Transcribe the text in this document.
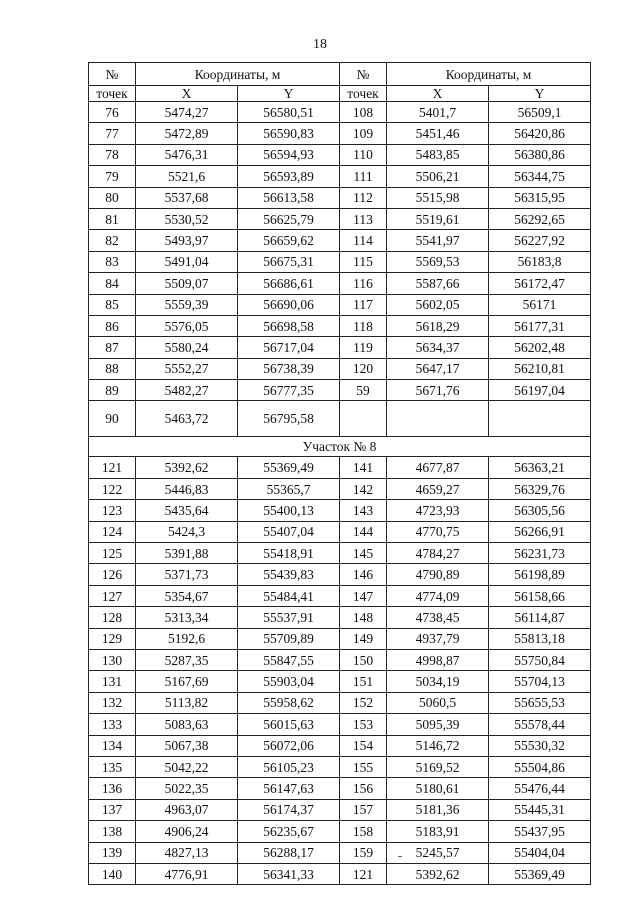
18
№	Координаты, м		№	Координаты, м	
точек	X	Y	точек	X	Y
76	5474,27	56580,51	108	5401,7	56509,1
77	5472,89	56590,83	109	5451,46	56420,86
78	5476,31	56594,93	110	5483,85	56380,86
79	5521,6	56593,89	111	5506,21	56344,75
80	5537,68	56613,58	112	5515,98	56315,95
81	5530,52	56625,79	113	5519,61	56292,65
82	5493,97	56659,62	114	5541,97	56227,92
83	5491,04	56675,31	115	5569,53	56183,8
84	5509,07	56686,61	116	5587,66	56172,47
85	5559,39	56690,06	117	5602,05	56171
86	5576,05	56698,58	118	5618,29	56177,31
87	5580,24	56717,04	119	5634,37	56202,48
88	5552,27	56738,39	120	5647,17	56210,81
89	5482,27	56777,35	59	5671,76	56197,04
90	5463,72	56795,58			
Участок № 8					
121	5392,62	55369,49	141	4677,87	56363,21
122	5446,83	55365,7	142	4659,27	56329,76
123	5435,64	55400,13	143	4723,93	56305,56
124	5424,3	55407,04	144	4770,75	56266,91
125	5391,88	55418,91	145	4784,27	56231,73
126	5371,73	55439,83	146	4790,89	56198,89
127	5354,67	55484,41	147	4774,09	56158,66
128	5313,34	55537,91	148	4738,45	56114,87
129	5192,6	55709,89	149	4937,79	55813,18
130	5287,35	55847,55	150	4998,87	55750,84
131	5167,69	55903,04	151	5034,19	55704,13
132	5113,82	55958,62	152	5060,5	55655,53
133	5083,63	56015,63	153	5095,39	55578,44
134	5067,38	56072,06	154	5146,72	55530,32
135	5042,22	56105,23	155	5169,52	55504,86
136	5022,35	56147,63	156	5180,61	55476,44
137	4963,07	56174,37	157	5181,36	55445,31
138	4906,24	56235,67	158	5183,91	55437,95
139	4827,13	56288,17	159	5245,57	55404,04
140	4776,91	56341,33	121	5392,62	55369,49
